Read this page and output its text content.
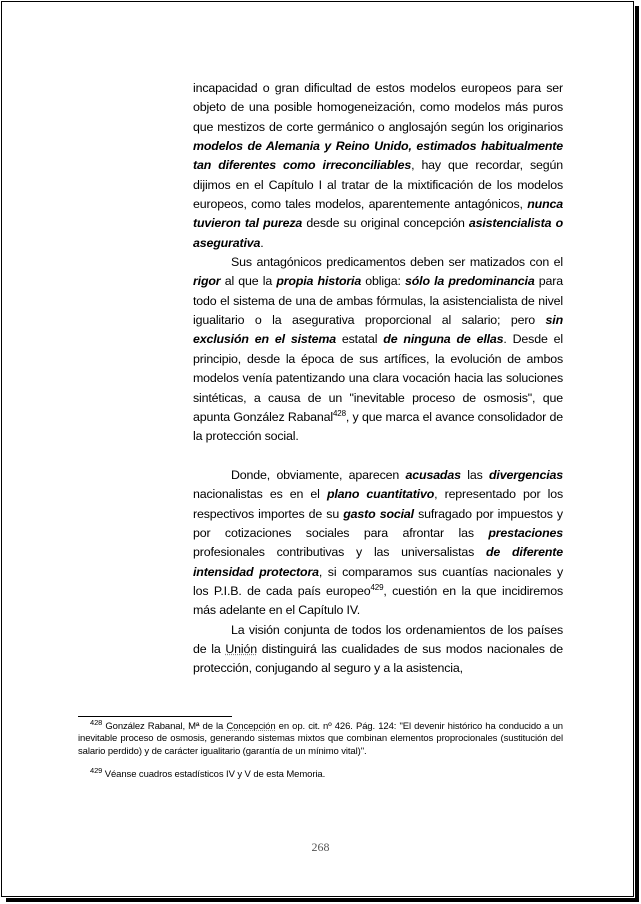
incapacidad o gran dificultad de estos modelos europeos para ser objeto de una posible homogeneización, como modelos más puros que mestizos de corte germánico o anglosajón según los originarios modelos de Alemania y Reino Unido, estimados habitualmente tan diferentes como irreconciliables, hay que recordar, según dijimos en el Capítulo I al tratar de la mixtificación de los modelos europeos, como tales modelos, aparentemente antagónicos, nunca tuvieron tal pureza desde su original concepción asistencialista o asegurativa.

Sus antagónicos predicamentos deben ser matizados con el rigor al que la propia historia obliga: sólo la predominancia para todo el sistema de una de ambas fórmulas, la asistencialista de nivel igualitario o la asegurativa proporcional al salario; pero sin exclusión en el sistema estatal de ninguna de ellas. Desde el principio, desde la época de sus artífices, la evolución de ambos modelos venía patentizando una clara vocación hacia las soluciones sintéticas, a causa de un "inevitable proceso de osmosis", que apunta González Rabanal$^{428}$, y que marca el avance consolidador de la protección social.

Donde, obviamente, aparecen acusadas las divergencias nacionalistas es en el plano cuantitativo, representado por los respectivos importes de su gasto social sufragado por impuestos y por cotizaciones sociales para afrontar las prestaciones profesionales contributivas y las universalistas de diferente intensidad protectora, si comparamos sus cuantías nacionales y los P.I.B. de cada país europeo$^{429}$, cuestión en la que incidiremos más adelante en el Capítulo IV.

La visión conjunta de todos los ordenamientos de los países de la Unión distinguirá las cualidades de sus modos nacionales de protección, conjugando al seguro y a la asistencia,

$^{428}$ González Rabanal, Mª de la Concepción en op. cit. nº 426. Pág. 124: "El devenir histórico ha conducido a un inevitable proceso de osmosis, generando sistemas mixtos que combinan elementos proprocionales (sustitución del salario perdido) y de carácter igualitario (garantía de un mínimo vital)".

$^{429}$ Véanse cuadros estadísticos IV y V de esta Memoria.

268
